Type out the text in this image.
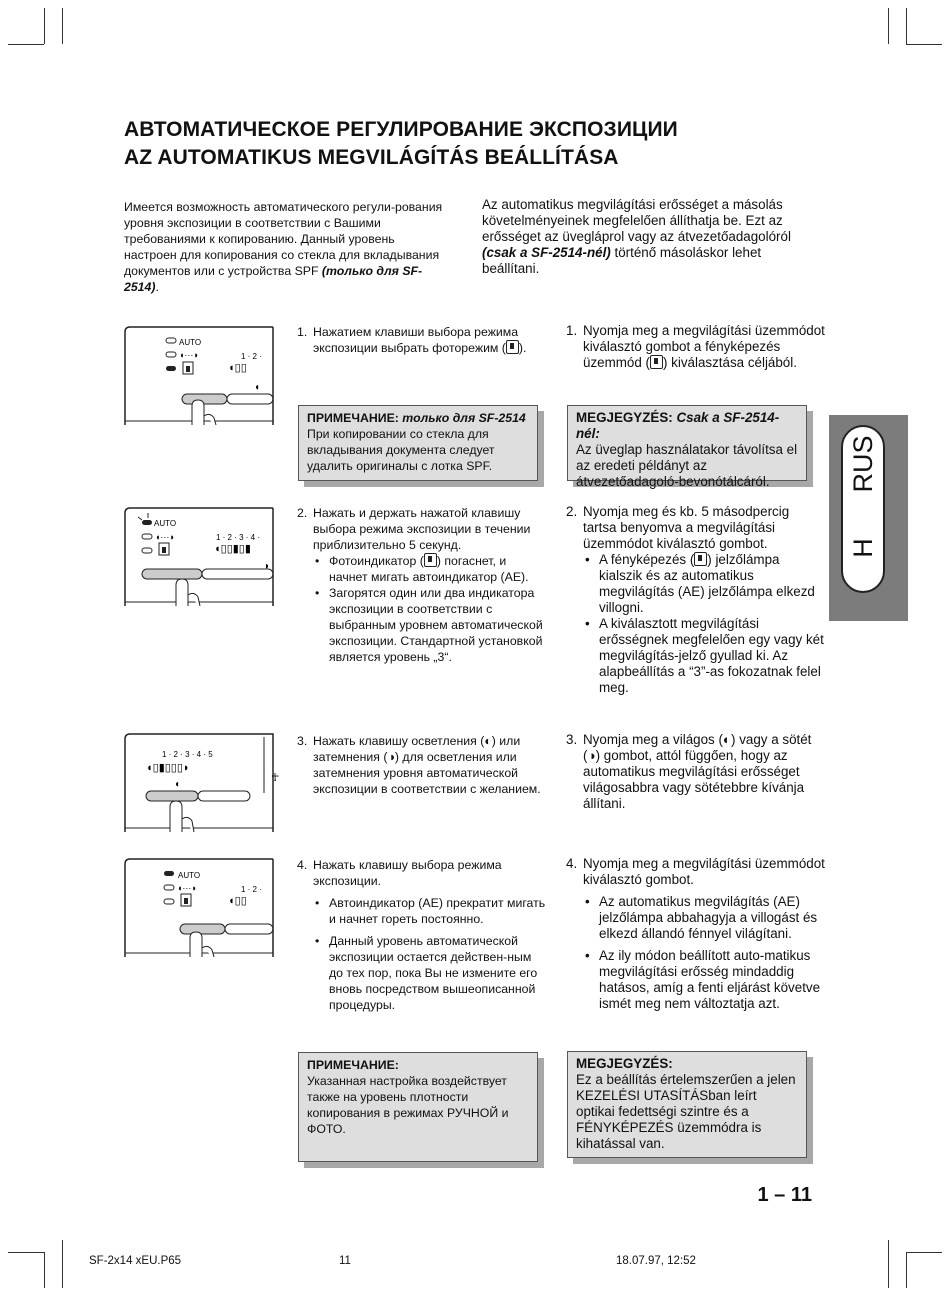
АВТОМАТИЧЕСКОЕ РЕГУЛИРОВАНИЕ ЭКСПОЗИЦИИ
AZ AUTOMATIKUS MEGVILÁGÍTÁS BEÁLLÍTÁSA
Имеется возможность автоматического регули-рования уровня экспозиции в соответствии с Вашими требованиями к копированию. Данный уровень настроен для копирования со стекла для вкладывания документов или с устройства SPF (только для SF-2514).
Az automatikus megvilágítási erősséget a másolás követelményeinek megfelelően állíthatja be. Ezt az erősséget az üvegláprol vagy az átvezetőadagolóról (csak a SF-2514-nél) történő másoláskor lehet beállítani.
AUTO
◖···◗	1 · 2 ·
◖▯▯
◖
AUTO
◖···◗	1 · 2 · 3 · 4 ·
◖▯▯▮▯▮
◗
1 · 2 · 3 · 4 · 5
◖▯▮▯▯▯◗
☥
◖
AUTO
◖···◗	1 · 2 ·
◖▯▯
1. Нажатием клавиши выбора режима экспозиции выбрать фоторежим ( ).
1. Nyomja meg a megvilágítási üzemmódot kiválasztó gombot a fényképezés üzemmód ( ) kiválasztása céljából.
ПРИМЕЧАНИЕ: только для SF-2514
При копировании со стекла для вкладывания документа следует удалить оригиналы с лотка SPF.
MEGJEGYZÉS: Csak a SF-2514-nél:
Az üveglap használatakor távolítsa el az eredeti példányt az átvezetőadagoló-bevonótálcáról.
2. Нажать и держать нажатой клавишу выбора режима экспозиции в течении приблизительно 5 секунд.
• Фотоиндикатор ( ) погаснет, и начнет мигать автоиндикатор (AE).
• Загорятся один или два индикатора экспозиции в соответствии с выбранным уровнем автоматической экспозиции. Стандартной установкой является уровень „3“.
2. Nyomja meg és kb. 5 másodpercig tartsa benyomva a megvilágítási üzemmódot kiválasztó gombot.
• A fényképezés ( ) jelzőlámpa kialszik és az automatikus megvilágítás (AE) jelzőlámpa elkezd villogni.
• A kiválasztott megvilágítási erősségnek megfelelően egy vagy két megvilágítás-jelző gyullad ki. Az alapbeállítás a “3”-as fokozatnak felel meg.
3. Нажать клавишу осветления (◐) или затемнения (◑) для осветления или затемнения уровня автоматической экспозиции в соответствии с желанием.
3. Nyomja meg a világos (◐) vagy a sötét (◑) gombot, attól függően, hogy az automatikus megvilágítási erősséget világosabbra vagy sötétebbre kívánja állítani.
4. Нажать клавишу выбора режима экспозиции.
• Автоиндикатор (AE) прекратит мигать и начнет гореть постоянно.
• Данный уровень автоматической экспозиции остается действен-ным до тех пор, пока Вы не измените его вновь посредством вышеописанной процедуры.
4. Nyomja meg a megvilágítási üzemmódot kiválasztó gombot.
• Az automatikus megvilágítás (AE) jelzőlámpa abbahagyja a villogást és elkezd állandó fénnyel világítani.
• Az ily módon beállított auto-matikus megvilágítási erősség mindaddig hatásos, amíg a fenti eljárást követve ismét meg nem változtatja azt.
ПРИМЕЧАНИЕ:
Указанная настройка воздействует также на уровень плотности копирования в режимах РУЧНОЙ и ФОТО.
MEGJEGYZÉS:
Ez a beállítás értelemszerűen a jelen KEZELÉSI UTASÍTÁSban leírt optikai fedettségi szintre és a FÉNYKÉPEZÉS üzemmódra is kihatással van.
RUS
H
1 – 11
SF-2x14 xEU.P65	11	18.07.97, 12:52
